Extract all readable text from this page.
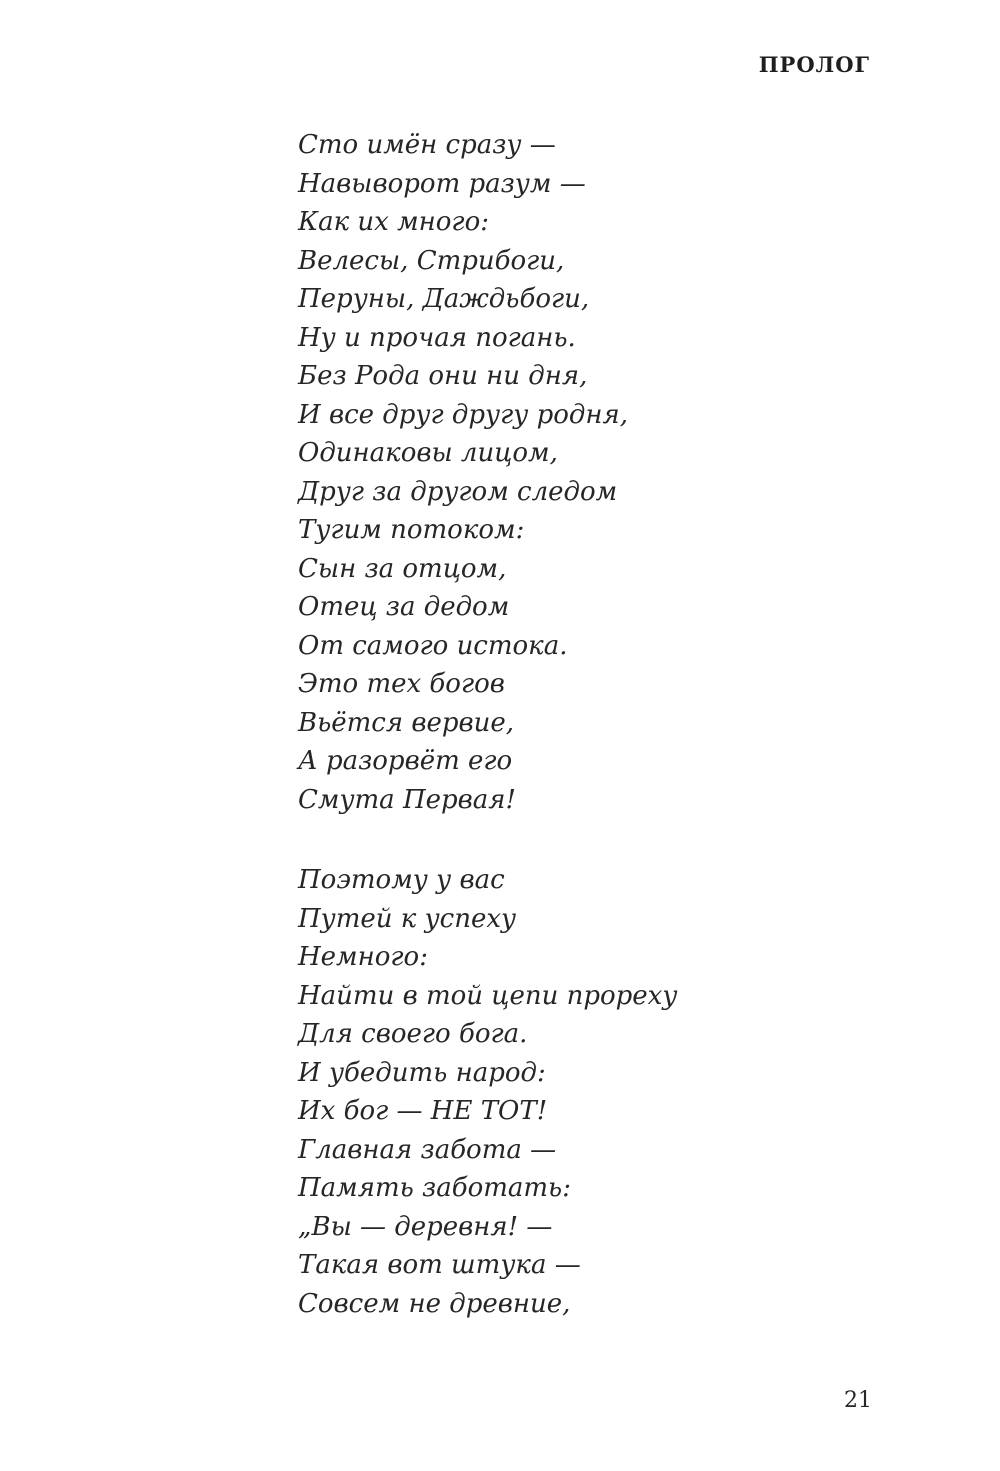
ПРОЛОГ
Сто имён сразу —
Навыворот разум —
Как их много:
Велесы, Стрибоги,
Перуны, Даждьбоги,
Ну и прочая погань.
Без Рода они ни дня,
И все друг другу родня,
Одинаковы лицом,
Друг за другом следом
Тугим потоком:
Сын за отцом,
Отец за дедом
От самого истока.
Это тех богов
Вьётся вервие,
А разорвёт его
Смута Первая!
Поэтому у вас
Путей к успеху
Немного:
Найти в той цепи прореху
Для своего бога.
И убедить народ:
Их бог — НЕ ТОТ!
Главная забота —
Память заботать:
„Вы — деревня! —
Такая вот штука —
Совсем не древние,
21
